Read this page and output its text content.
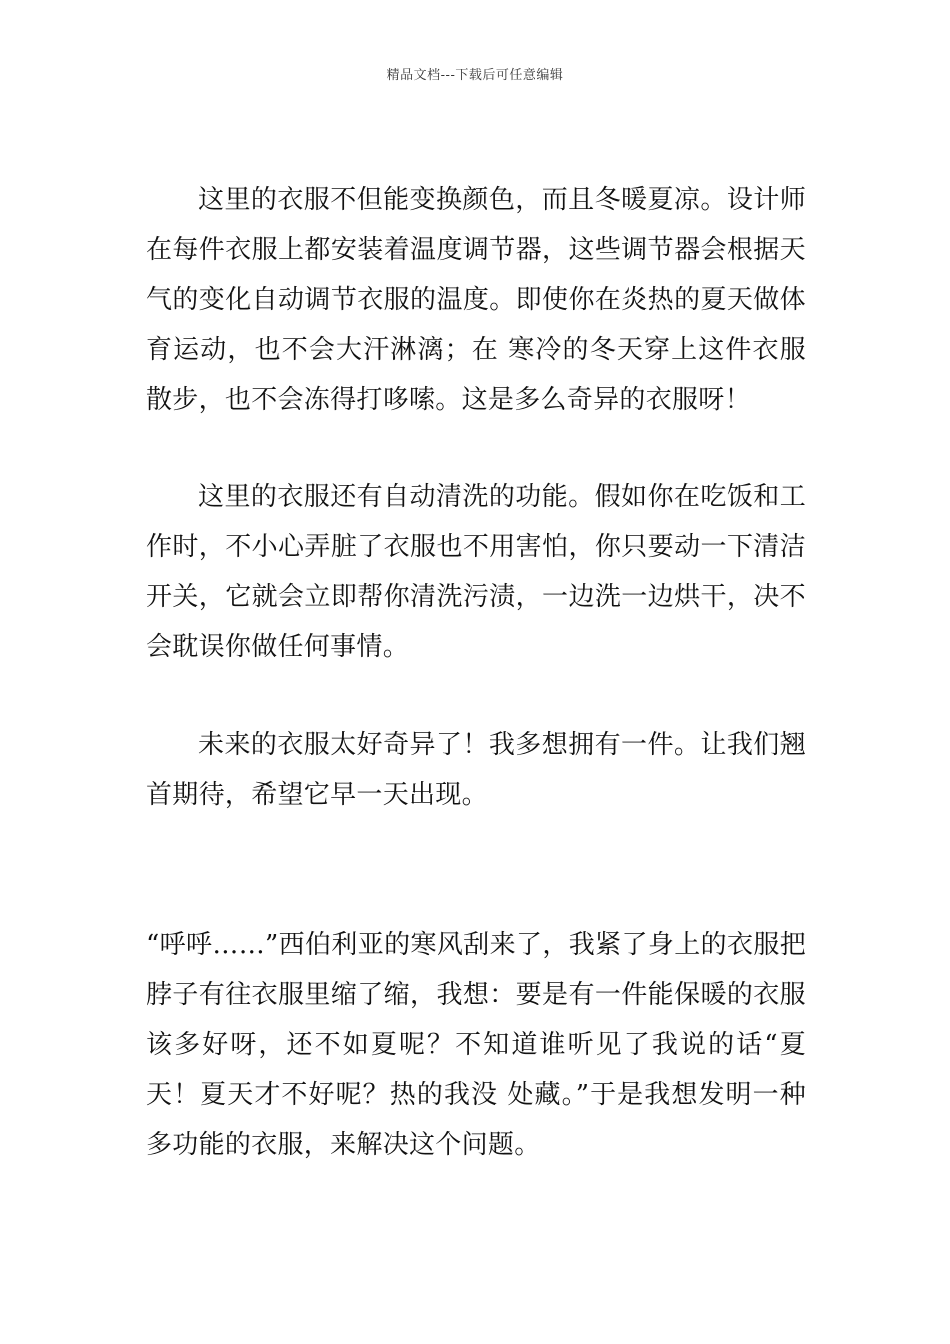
精品文档---下载后可任意编辑

这里的衣服不但能变换颜色，而且冬暖夏凉。设计师在每件衣服上都安装着温度调节器，这些调节器会根据天气的变化自动调节衣服的温度。即使你在炎热的夏天做体育运动，也不会大汗淋漓；在 寒冷的冬天穿上这件衣服散步，也不会冻得打哆嗦。这是多么奇异的衣服呀！

这里的衣服还有自动清洗的功能。假如你在吃饭和工作时，不小心弄脏了衣服也不用害怕，你只要动一下清洁开关，它就会立即帮你清洗污渍，一边洗一边烘干，决不会耽误你做任何事情。

未来的衣服太好奇异了！我多想拥有一件。让我们翘首期待，希望它早一天出现。

“呼呼……”西伯利亚的寒风刮来了，我紧了身上的衣服把脖子有往衣服里缩了缩，我想：要是有一件能保暖的衣服该多好呀，还不如夏呢？不知道谁听见了我说的话“夏天！夏天才不好呢？热的我没 处藏。”于是我想发明一种多功能的衣服，来解决这个问题。
